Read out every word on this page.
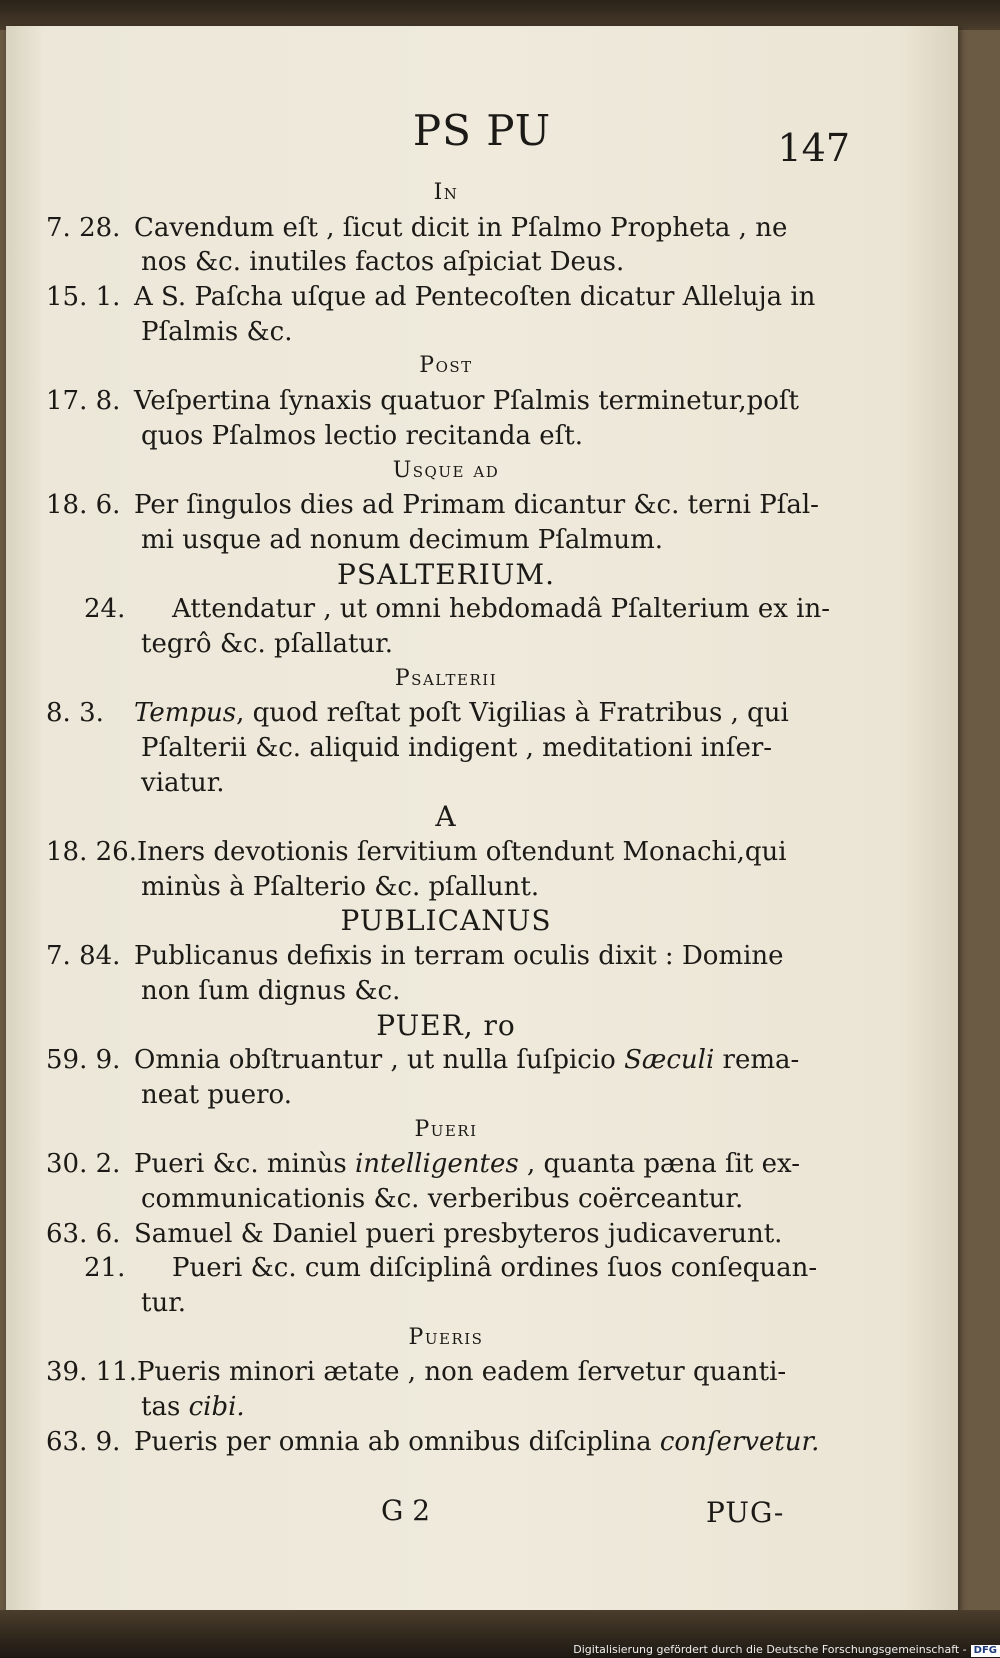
PS PU	147
In
7. 28. Cavendum eſt , ſicut dicit in Pſalmo Propheta , ne
nos &c. inutiles factos aſpiciat Deus.
15. 1. A S. Paſcha uſque ad Pentecoſten dicatur Alleluja in
Pſalmis &c.
Post
17. 8. Veſpertina ſynaxis quatuor Pſalmis terminetur,poſt
quos Pſalmos lectio recitanda eſt.
Usque ad
18. 6. Per ſingulos dies ad Primam dicantur &c. terni Pſal-
mi usque ad nonum decimum Pſalmum.
PSALTERIUM.
24. Attendatur , ut omni hebdomadâ Pſalterium ex in-
tegrô &c. pſallatur.
Psalterii
8. 3. Tempus, quod reſtat poſt Vigilias à Fratribus , qui
Pſalterii &c. aliquid indigent , meditationi inſer-
viatur.
A
18. 26.Iners devotionis ſervitium oſtendunt Monachi,qui
minùs à Pſalterio &c. pſallunt.
PUBLICANUS
7. 84. Publicanus defixis in terram oculis dixit : Domine
non ſum dignus &c.
PUER, ro
59. 9. Omnia obſtruantur , ut nulla ſuſpicio Sæculi rema-
neat puero.
Pueri
30. 2. Pueri &c. minùs intelligentes , quanta pæna ſit ex-
communicationis &c. verberibus coërceantur.
63. 6. Samuel & Daniel pueri presbyteros judicaverunt.
21. Pueri &c. cum diſciplinâ ordines ſuos conſequan-
tur.
Pueris
39. 11.Pueris minori ætate , non eadem ſervetur quanti-
tas cibi.
63. 9. Pueris per omnia ab omnibus diſciplina conſervetur.
G 2	PUG-
Digitalisierung gefördert durch die Deutsche Forschungsgemeinschaft - DFG
